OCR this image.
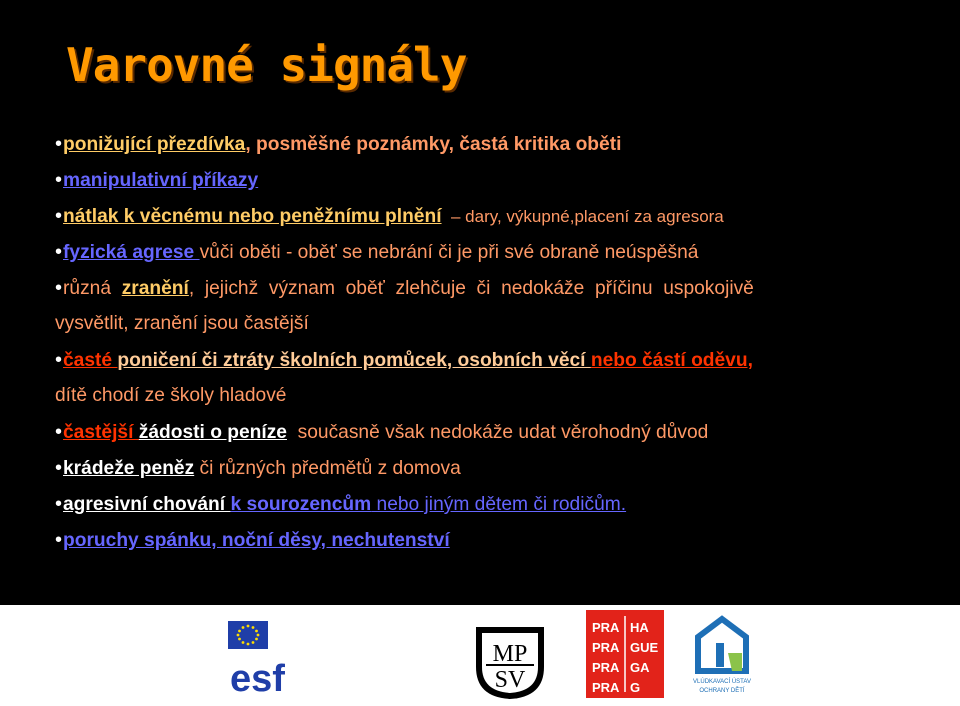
Varovné signály
•ponižující přezdívka, posměšné poznámky, častá kritika oběti
•manipulativní příkazy
•nátlak k věcnému nebo peněžnímu plnění  – dary, výkupné,placení za agresora
•fyzická agrese vůči oběti - oběť se nebrání či je při své obraně neúspěšná
•různá  zranění,  jejichž  význam  oběť  zlehčuje  či  nedokáže  příčinu  uspokojivě
vysvětlit, zranění jsou častější
•časté poničení či ztráty školních pomůcek, osobních věcí nebo částí oděvu,
dítě chodí ze školy hladové
•častější žádosti o peníze  současně však nedokáže udat věrohodný důvod
•krádeže peněz či různých předmětů z domova
•agresivní chování k sourozencům nebo jiným dětem či rodičům.
•poruchy spánku, noční děsy, nechutenství
esf
MP
SV
PRA HA
PRA GUE
PRA GA
PRA G	VLÚDKAVACÍ ÚSTAV
OCHRANY DĚTÍ
